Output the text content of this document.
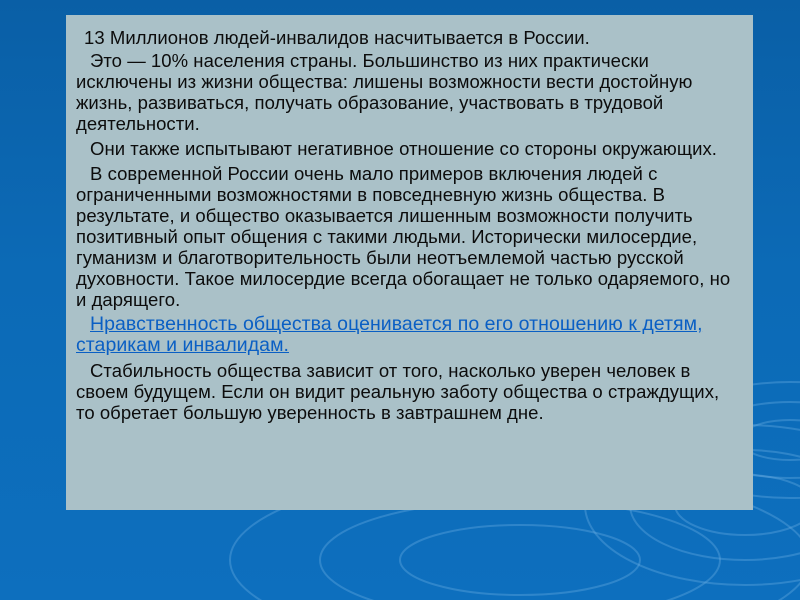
13 Миллионов людей-инвалидов насчитывается в России.

Это — 10% населения страны. Большинство из них практически исключены из жизни общества: лишены возможности вести достойную жизнь, развиваться, получать образование, участвовать в трудовой деятельности.

Они также испытывают негативное отношение со стороны окружающих.

В современной России очень мало примеров включения людей с ограниченными возможностями в повседневную жизнь общества. В результате, и общество оказывается лишенным возможности получить позитивный опыт общения с такими людьми. Исторически милосердие, гуманизм и благотворительность были неотъемлемой частью русской духовности. Такое милосердие всегда обогащает не только одаряемого, но и дарящего.

Нравственность общества оценивается по его отношению к детям, старикам и инвалидам.

Стабильность общества зависит от того, насколько уверен человек в своем будущем. Если он видит реальную заботу общества о страждущих, то обретает большую уверенность в завтрашнем дне.
